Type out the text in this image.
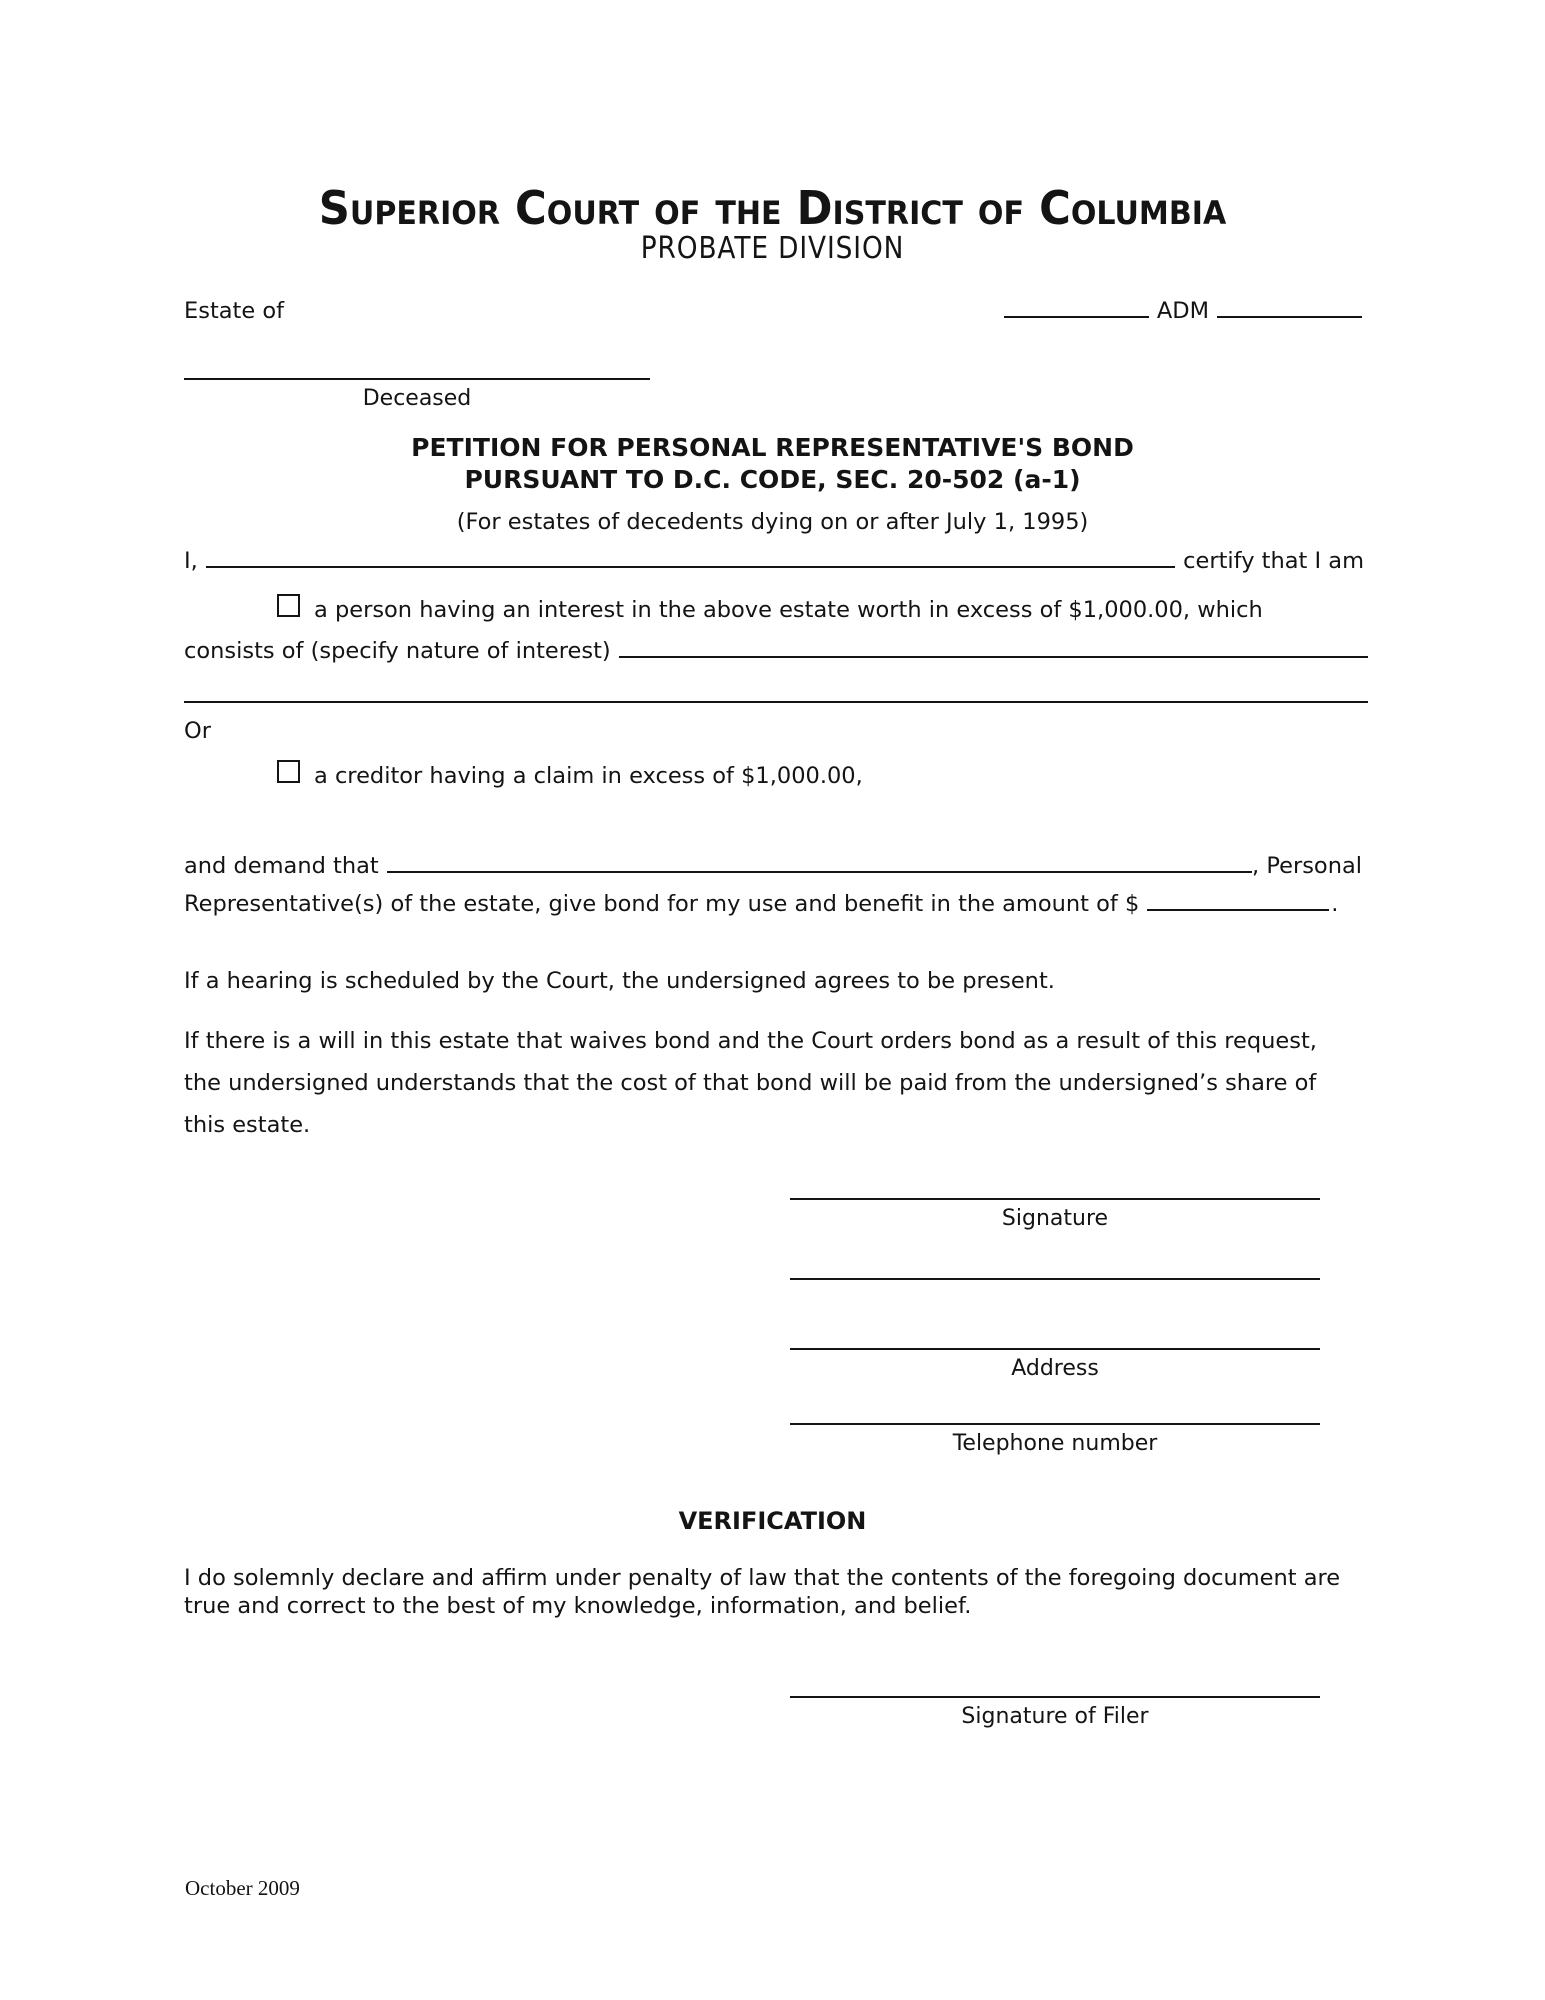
Superior Court of the District of Columbia
PROBATE DIVISION
Estate of	ADM
Deceased
PETITION FOR PERSONAL REPRESENTATIVE'S BOND
PURSUANT TO D.C. CODE, SEC. 20-502 (a-1)
(For estates of decedents dying on or after July 1, 1995)
I,	certify that I am
a person having an interest in the above estate worth in excess of $1,000.00, which
consists of (specify nature of interest)
Or
a creditor having a claim in excess of $1,000.00,
and demand that	, Personal
Representative(s) of the estate, give bond for my use and benefit in the amount of $	.
If a hearing is scheduled by the Court, the undersigned agrees to be present.
If there is a will in this estate that waives bond and the Court orders bond as a result of this request,
the undersigned understands that the cost of that bond will be paid from the undersigned’s share of
this estate.
Signature
Address
Telephone number
VERIFICATION
I do solemnly declare and affirm under penalty of law that the contents of the foregoing document are
true and correct to the best of my knowledge, information, and belief.
Signature of Filer
October 2009
